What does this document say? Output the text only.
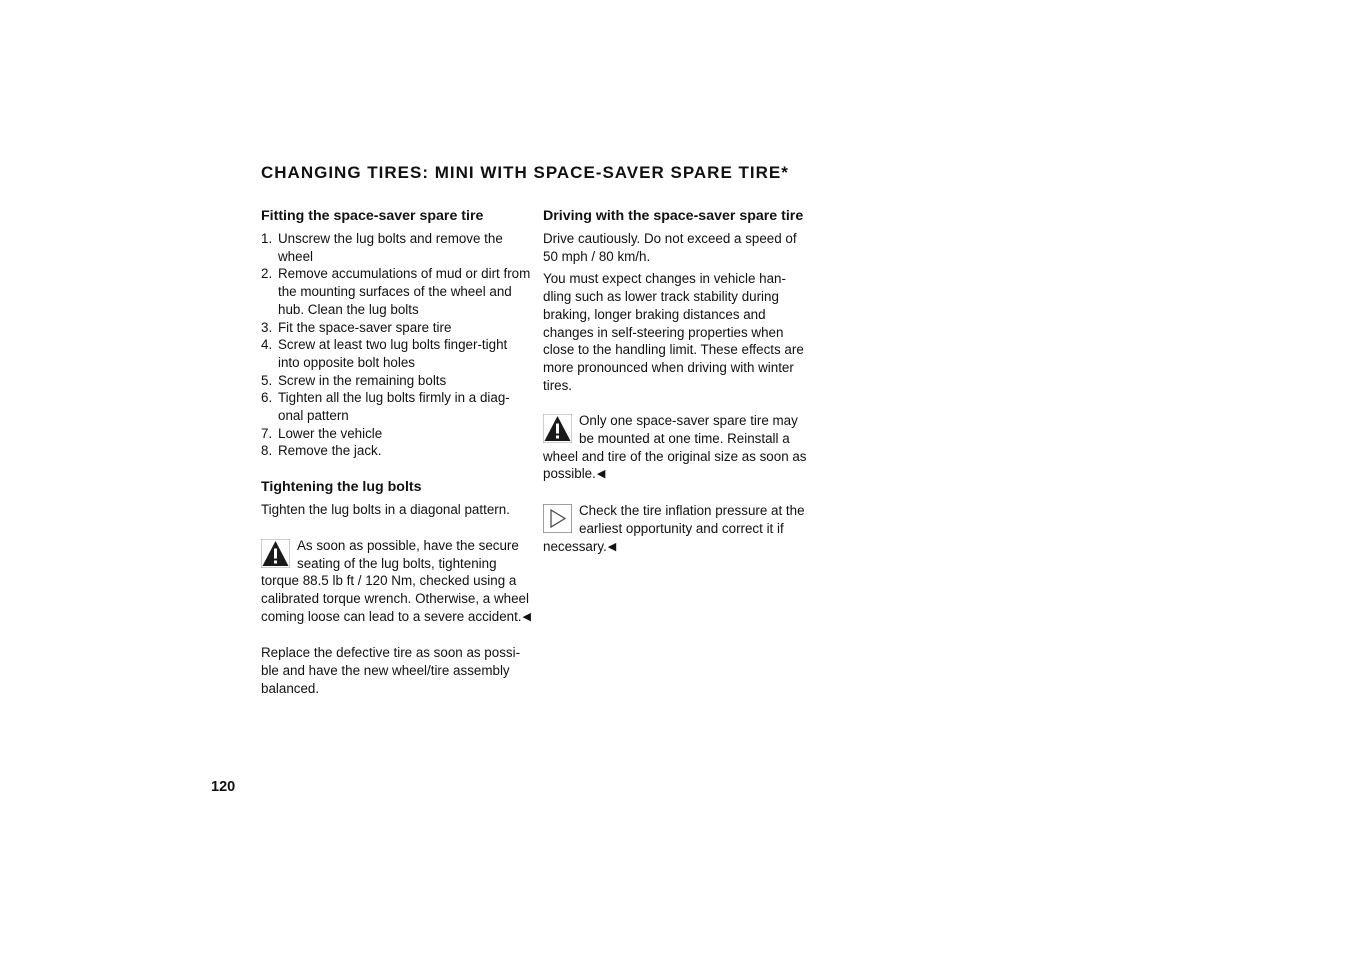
CHANGING TIRES: MINI WITH SPACE-SAVER SPARE TIRE*
Fitting the space-saver spare tire
1. Unscrew the lug bolts and remove the wheel
2. Remove accumulations of mud or dirt from the mounting surfaces of the wheel and hub. Clean the lug bolts
3. Fit the space-saver spare tire
4. Screw at least two lug bolts finger-tight into opposite bolt holes
5. Screw in the remaining bolts
6. Tighten all the lug bolts firmly in a diag-onal pattern
7. Lower the vehicle
8. Remove the jack.
Tightening the lug bolts

Tighten the lug bolts in a diagonal pattern.

As soon as possible, have the secure seating of the lug bolts, tightening torque 88.5 lb ft / 120 Nm, checked using a calibrated torque wrench. Otherwise, a wheel coming loose can lead to a severe accident.◀

Replace the defective tire as soon as possi-ble and have the new wheel/tire assembly balanced.

Driving with the space-saver spare tire

Drive cautiously. Do not exceed a speed of 50 mph / 80 km/h.

You must expect changes in vehicle han-dling such as lower track stability during braking, longer braking distances and changes in self-steering properties when close to the handling limit. These effects are more pronounced when driving with winter tires.

Only one space-saver spare tire may be mounted at one time. Reinstall a wheel and tire of the original size as soon as possible.◀
Check the tire inflation pressure at the earliest opportunity and correct it if necessary.◀
120
